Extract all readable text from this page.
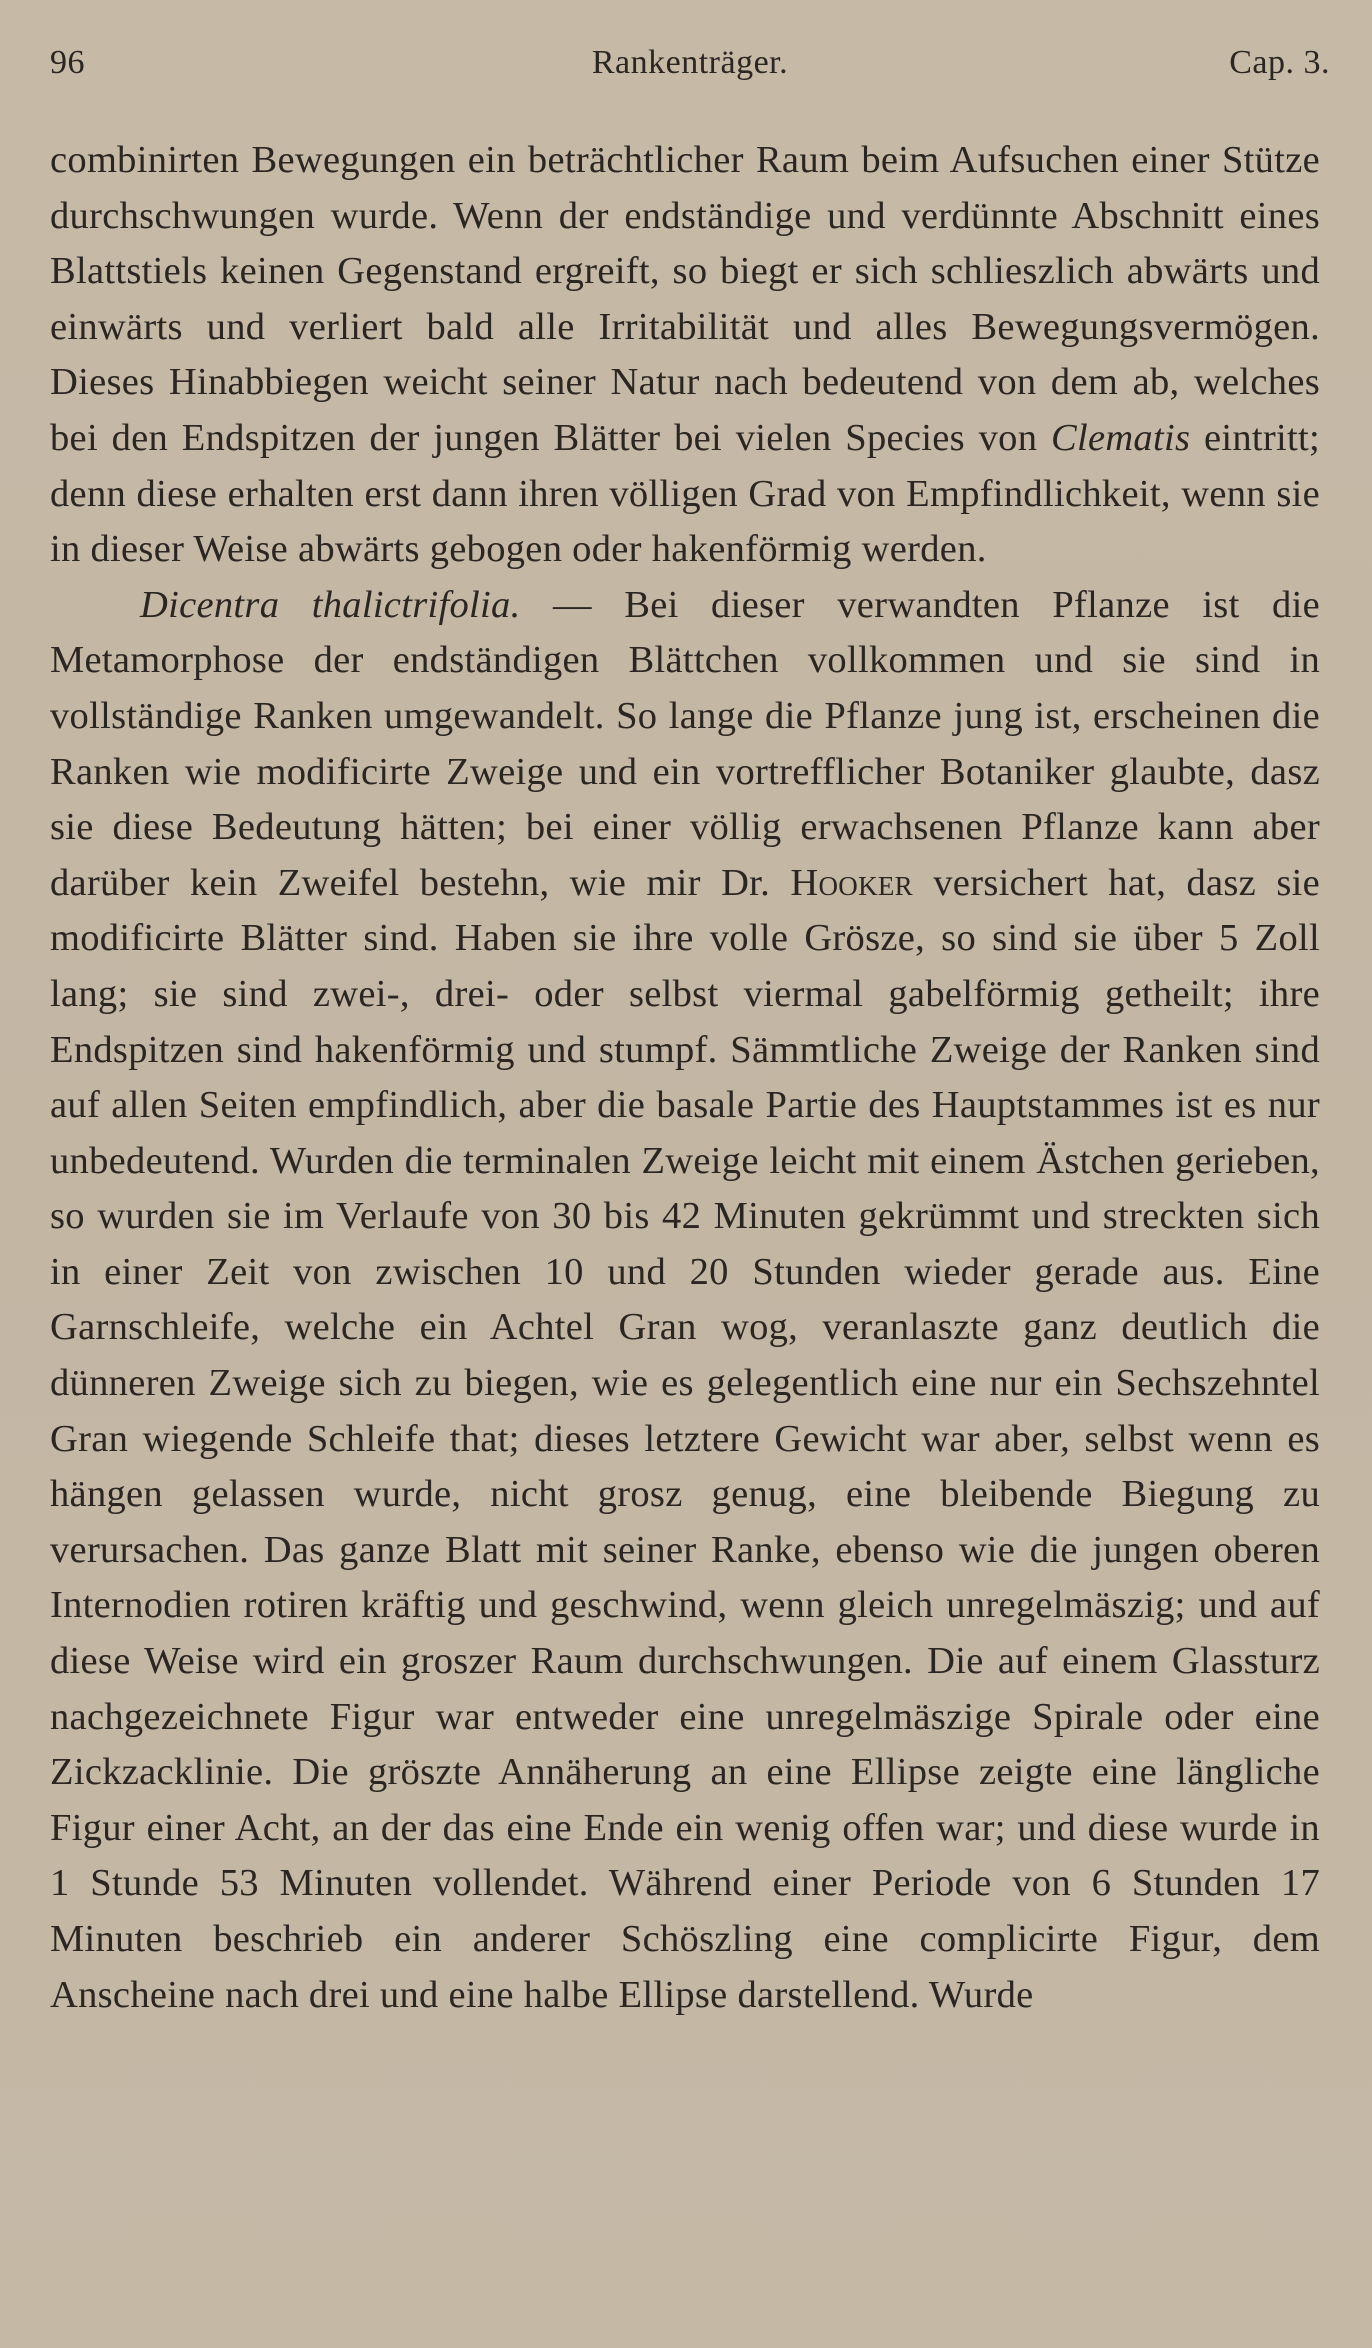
96	Rankenträger.	Cap. 3.

combinirten Bewegungen ein beträchtlicher Raum beim Aufsuchen einer Stütze durchschwungen wurde. Wenn der endständige und verdünnte Abschnitt eines Blattstiels keinen Gegenstand ergreift, so biegt er sich schlieszlich abwärts und einwärts und verliert bald alle Irritabilität und alles Bewegungsvermögen. Dieses Hinabbiegen weicht seiner Natur nach bedeutend von dem ab, welches bei den Endspitzen der jungen Blätter bei vielen Species von Clematis eintritt; denn diese erhalten erst dann ihren völligen Grad von Empfindlichkeit, wenn sie in dieser Weise abwärts gebogen oder hakenförmig werden.

Dicentra thalictrifolia. — Bei dieser verwandten Pflanze ist die Metamorphose der endständigen Blättchen vollkommen und sie sind in vollständige Ranken umgewandelt. So lange die Pflanze jung ist, erscheinen die Ranken wie modificirte Zweige und ein vortrefflicher Botaniker glaubte, dasz sie diese Bedeutung hätten; bei einer völlig erwachsenen Pflanze kann aber darüber kein Zweifel bestehn, wie mir Dr. Hooker versichert hat, dasz sie modificirte Blätter sind. Haben sie ihre volle Grösze, so sind sie über 5 Zoll lang; sie sind zwei-, drei- oder selbst viermal gabelförmig getheilt; ihre Endspitzen sind hakenförmig und stumpf. Sämmtliche Zweige der Ranken sind auf allen Seiten empfindlich, aber die basale Partie des Hauptstammes ist es nur unbedeutend. Wurden die terminalen Zweige leicht mit einem Ästchen gerieben, so wurden sie im Verlaufe von 30 bis 42 Minuten gekrümmt und streckten sich in einer Zeit von zwischen 10 und 20 Stunden wieder gerade aus. Eine Garnschleife, welche ein Achtel Gran wog, veranlaszte ganz deutlich die dünneren Zweige sich zu biegen, wie es gelegentlich eine nur ein Sechszehntel Gran wiegende Schleife that; dieses letztere Gewicht war aber, selbst wenn es hängen gelassen wurde, nicht grosz genug, eine bleibende Biegung zu verursachen. Das ganze Blatt mit seiner Ranke, ebenso wie die jungen oberen Internodien rotiren kräftig und geschwind, wenn gleich unregelmäszig; und auf diese Weise wird ein groszer Raum durchschwungen. Die auf einem Glassturz nachgezeichnete Figur war entweder eine unregelmäszige Spirale oder eine Zickzacklinie. Die gröszte Annäherung an eine Ellipse zeigte eine längliche Figur einer Acht, an der das eine Ende ein wenig offen war; und diese wurde in 1 Stunde 53 Minuten vollendet. Während einer Periode von 6 Stunden 17 Minuten beschrieb ein anderer Schöszling eine complicirte Figur, dem Anscheine nach drei und eine halbe Ellipse darstellend. Wurde
